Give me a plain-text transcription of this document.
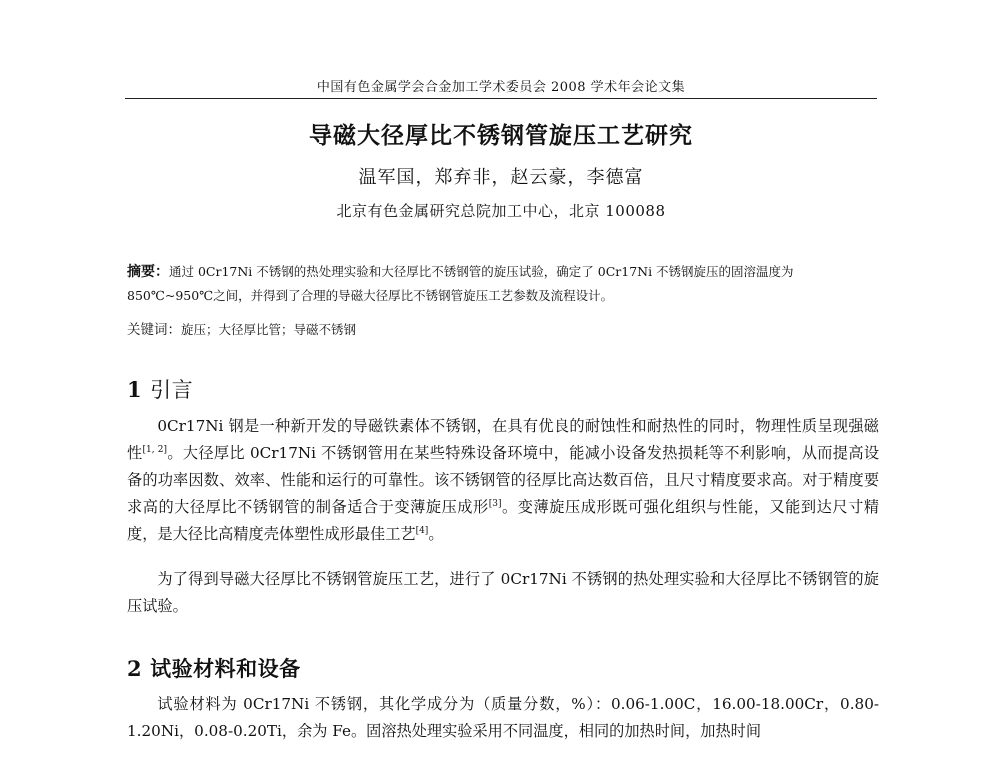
中国有色金属学会合金加工学术委员会 2008 学术年会论文集
导磁大径厚比不锈钢管旋压工艺研究
温军国，郑弃非，赵云豪，李德富
北京有色金属研究总院加工中心，北京 100088
摘要：通过 0Cr17Ni 不锈钢的热处理实验和大径厚比不锈钢管的旋压试验，确定了 0Cr17Ni 不锈钢旋压的固溶温度为 850℃~950℃之间，并得到了合理的导磁大径厚比不锈钢管旋压工艺参数及流程设计。
关键词：旋压；大径厚比管；导磁不锈钢
1 引言
0Cr17Ni 钢是一种新开发的导磁铁素体不锈钢，在具有优良的耐蚀性和耐热性的同时，物理性质呈现强磁性[1, 2]。大径厚比 0Cr17Ni 不锈钢管用在某些特殊设备环境中，能减小设备发热损耗等不利影响，从而提高设备的功率因数、效率、性能和运行的可靠性。该不锈钢管的径厚比高达数百倍，且尺寸精度要求高。对于精度要求高的大径厚比不锈钢管的制备适合于变薄旋压成形[3]。变薄旋压成形既可强化组织与性能，又能到达尺寸精度，是大径比高精度壳体塑性成形最佳工艺[4]。
为了得到导磁大径厚比不锈钢管旋压工艺，进行了 0Cr17Ni 不锈钢的热处理实验和大径厚比不锈钢管的旋压试验。
2 试验材料和设备
试验材料为 0Cr17Ni 不锈钢，其化学成分为（质量分数，%）：0.06-1.00C，16.00-18.00Cr，0.80-1.20Ni，0.08-0.20Ti，余为 Fe。固溶热处理实验采用不同温度，相同的加热时间，加热时间
